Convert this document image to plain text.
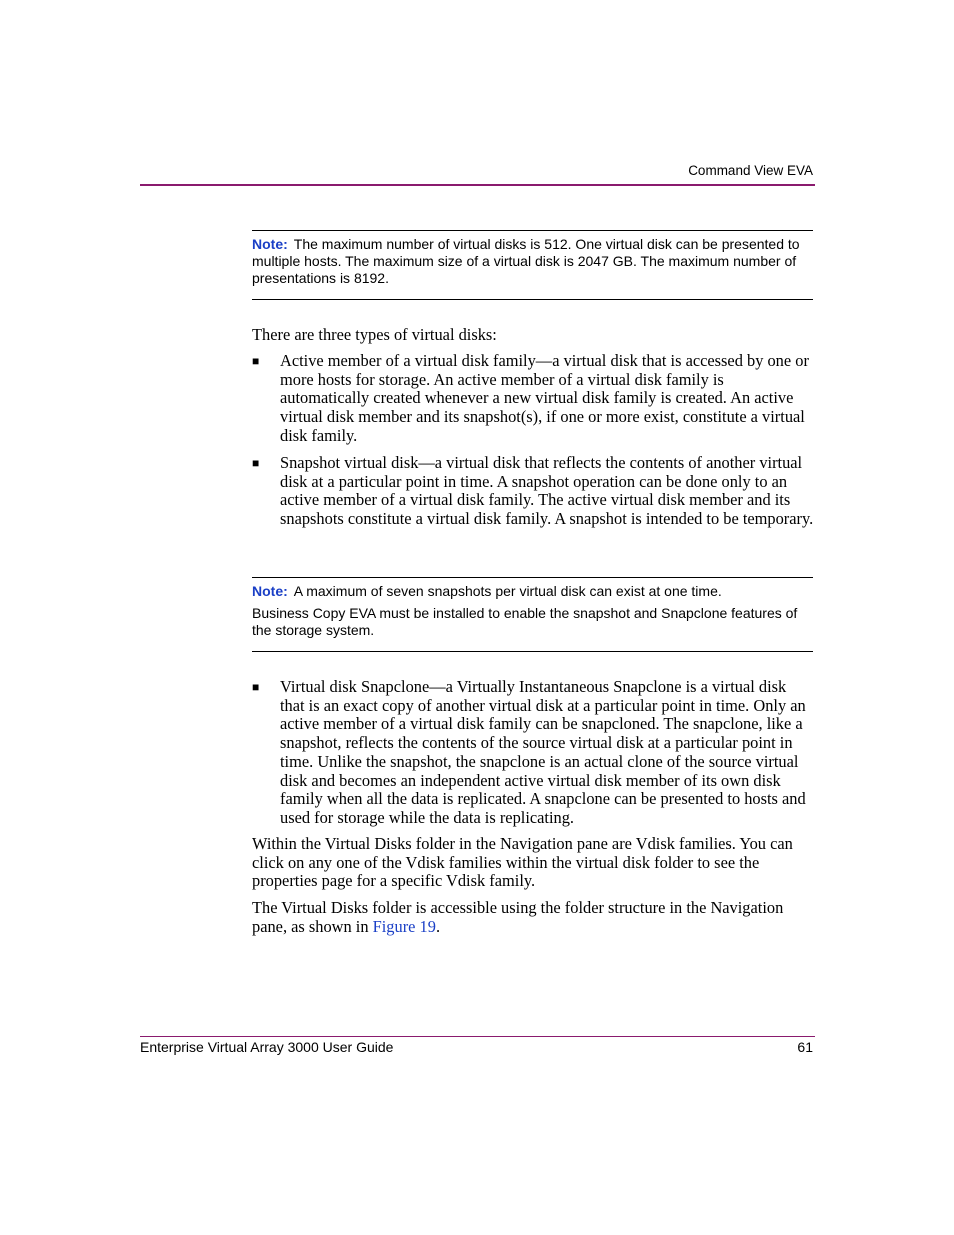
Command View EVA
Note: The maximum number of virtual disks is 512. One virtual disk can be presented to multiple hosts. The maximum size of a virtual disk is 2047 GB. The maximum number of presentations is 8192.
There are three types of virtual disks:
■ Active member of a virtual disk family—a virtual disk that is accessed by one or more hosts for storage. An active member of a virtual disk family is automatically created whenever a new virtual disk family is created. An active virtual disk member and its snapshot(s), if one or more exist, constitute a virtual disk family.
■ Snapshot virtual disk—a virtual disk that reflects the contents of another virtual disk at a particular point in time. A snapshot operation can be done only to an active member of a virtual disk family. The active virtual disk member and its snapshots constitute a virtual disk family. A snapshot is intended to be temporary.
Note: A maximum of seven snapshots per virtual disk can exist at one time.
Business Copy EVA must be installed to enable the snapshot and Snapclone features of the storage system.
■ Virtual disk Snapclone—a Virtually Instantaneous Snapclone is a virtual disk that is an exact copy of another virtual disk at a particular point in time. Only an active member of a virtual disk family can be snapcloned. The snapclone, like a snapshot, reflects the contents of the source virtual disk at a particular point in time. Unlike the snapshot, the snapclone is an actual clone of the source virtual disk and becomes an independent active virtual disk member of its own disk family when all the data is replicated. A snapclone can be presented to hosts and used for storage while the data is replicating.
Within the Virtual Disks folder in the Navigation pane are Vdisk families. You can click on any one of the Vdisk families within the virtual disk folder to see the properties page for a specific Vdisk family.
The Virtual Disks folder is accessible using the folder structure in the Navigation pane, as shown in Figure 19.
Enterprise Virtual Array 3000 User Guide	61
